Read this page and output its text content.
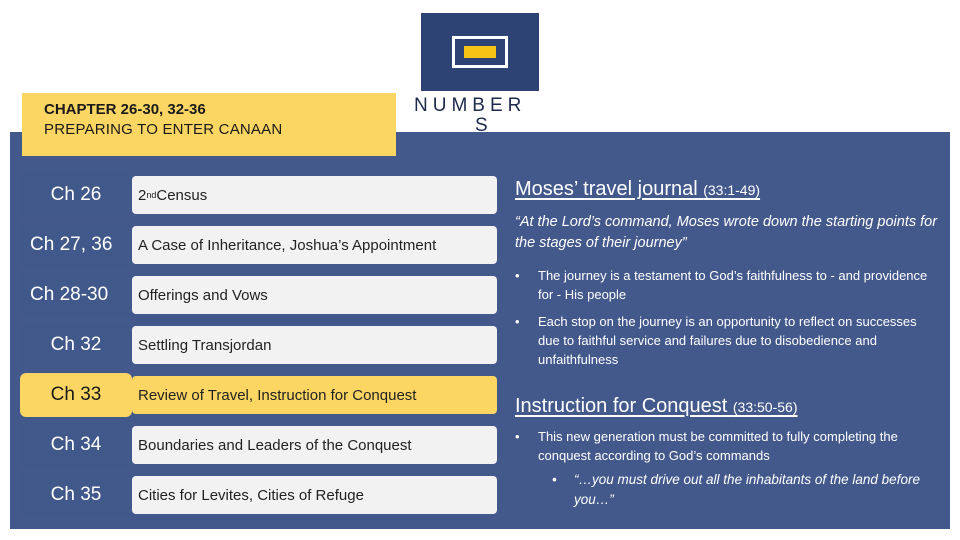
NUMBER
S
CHAPTER 26-30, 32-36
PREPARING TO ENTER CANAAN
Ch 26	2 nd Census
Ch 27, 36	A Case of Inheritance, Joshua’s Appointment
Ch 28-30	Offerings and Vows
Ch 32	Settling Transjordan
Ch 33	Review of Travel, Instruction for Conquest
Ch 34	Boundaries and Leaders of the Conquest
Ch 35	Cities for Levites, Cities of Refuge
Moses’ travel journal (33:1-49)
“At the Lord’s command, Moses wrote down the starting points for the stages of their journey”
•	The journey is a testament to God’s faithfulness to - and providence for - His people
•	Each stop on the journey is an opportunity to reflect on successes due to faithful service and failures due to disobedience and unfaithfulness
Instruction for Conquest (33:50-56)
•	This new generation must be committed to fully completing the conquest according to God’s commands
•	“…you must drive out all the inhabitants of the land before you…”
